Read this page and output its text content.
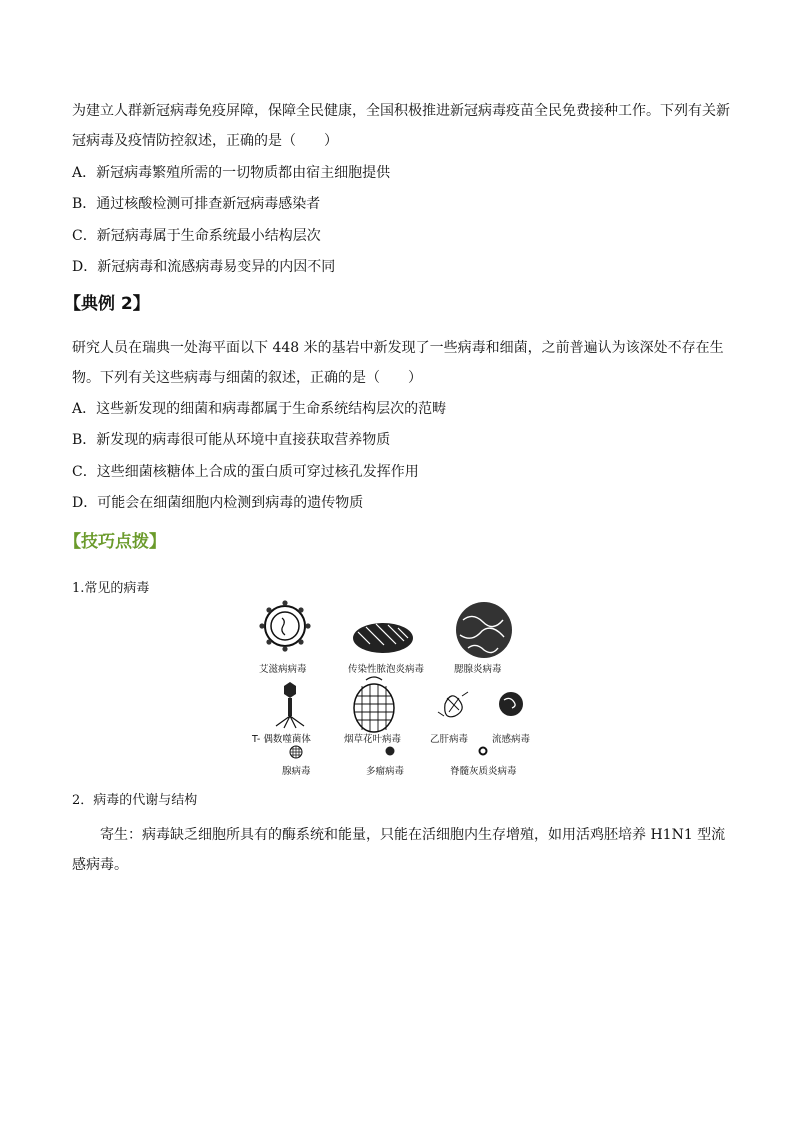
为建立人群新冠病毒免疫屏障，保障全民健康，全国积极推进新冠病毒疫苗全民免费接种工作。下列有关新冠病毒及疫情防控叙述，正确的是（　　）
A．新冠病毒繁殖所需的一切物质都由宿主细胞提供
B．通过核酸检测可排查新冠病毒感染者
C．新冠病毒属于生命系统最小结构层次
D．新冠病毒和流感病毒易变异的内因不同
【典例 2】
研究人员在瑞典一处海平面以下 448 米的基岩中新发现了一些病毒和细菌，之前普遍认为该深处不存在生物。下列有关这些病毒与细菌的叙述，正确的是（　　）
A．这些新发现的细菌和病毒都属于生命系统结构层次的范畴
B．新发现的病毒很可能从环境中直接获取营养物质
C．这些细菌核糖体上合成的蛋白质可穿过核孔发挥作用
D．可能会在细菌细胞内检测到病毒的遗传物质
【技巧点拨】
1.常见的病毒
艾滋病病毒	传染性脓泡炎病毒	腮腺炎病毒
T- 偶数噬菌体	烟草花叶病毒	乙肝病毒	流感病毒
腺病毒	多瘤病毒	脊髓灰质炎病毒
2．病毒的代谢与结构
寄生：病毒缺乏细胞所具有的酶系统和能量，只能在活细胞内生存增殖，如用活鸡胚培养 H1N1 型流感病毒。
